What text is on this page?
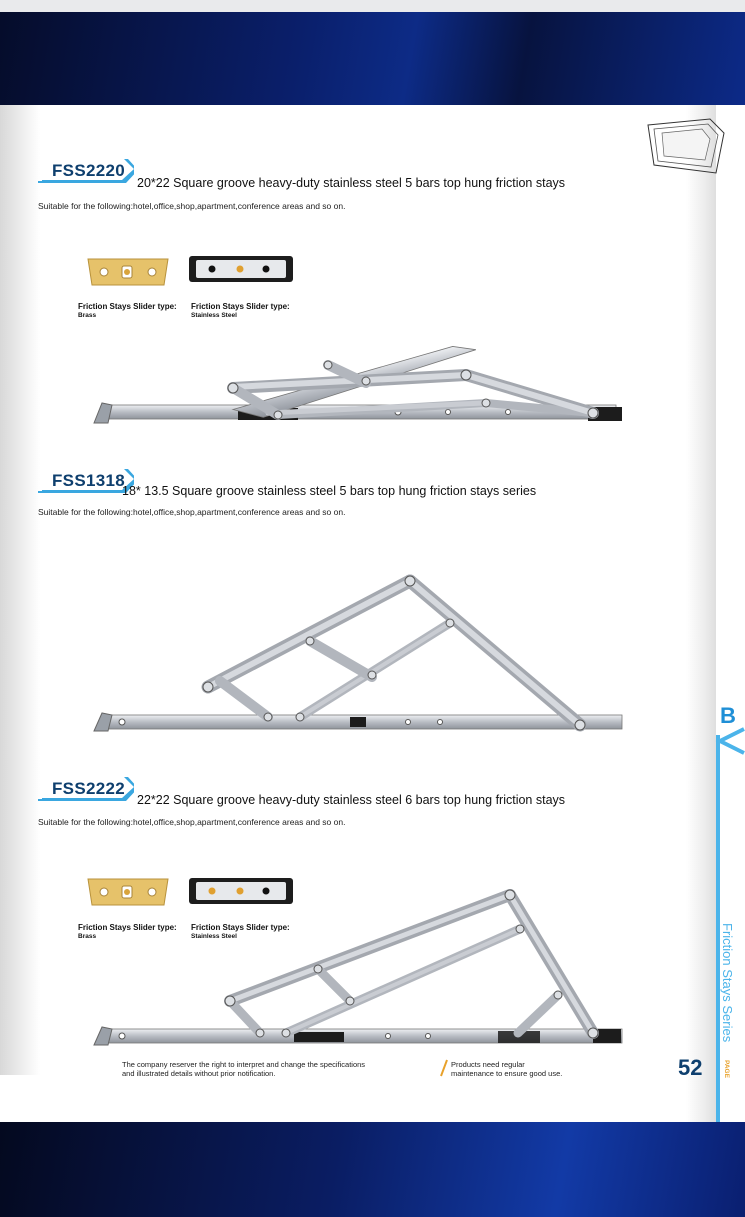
FSS2220
20*22 Square groove heavy-duty stainless steel 5 bars top hung friction stays
Suitable for the following:hotel,office,shop,apartment,conference areas and so on.
Friction Stays Slider type:
Brass
Friction Stays Slider type:
Stainless Steel
FSS1318
18* 13.5 Square groove stainless steel 5 bars top hung friction stays series
Suitable for the following:hotel,office,shop,apartment,conference areas and so on.
FSS2222
22*22 Square groove heavy-duty stainless steel 6 bars top hung friction stays
Suitable for the following:hotel,office,shop,apartment,conference areas and so on.
Friction Stays Slider type:
Brass
Friction Stays Slider type:
Stainless Steel
The company reserver the right to interpret and change the specifications
and illustrated details without prior notification.
Products need regular
maintenance to ensure good use.
B
Friction Stays Series
52	PAGE
